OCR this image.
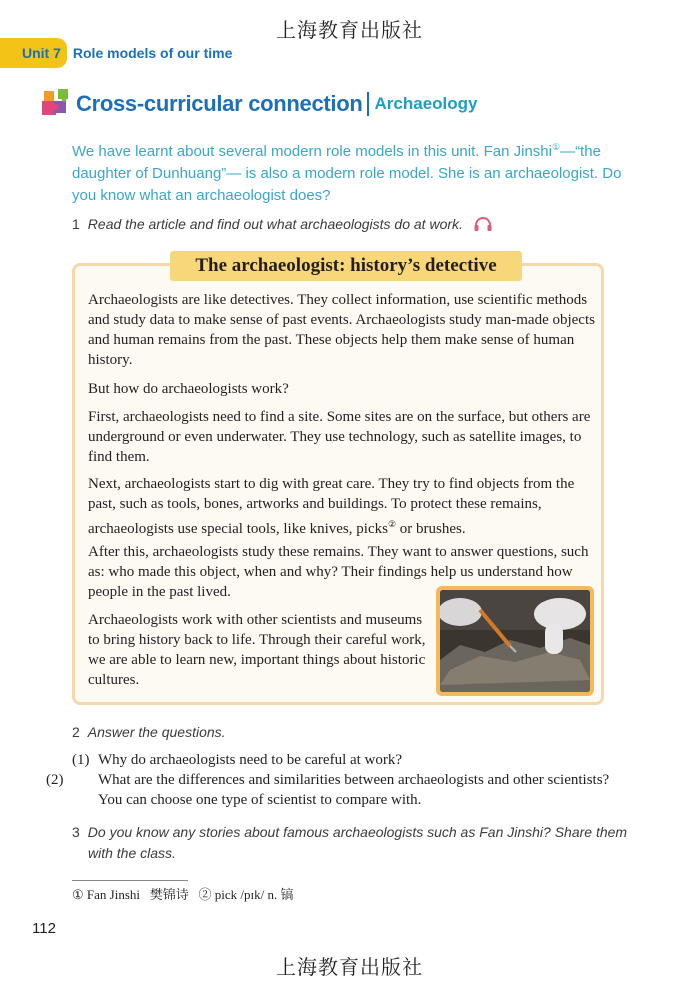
上海教育出版社
Unit 7 Role models of our time
Cross-curricular connection Archaeology
We have learnt about several modern role models in this unit. Fan Jinshi①—“the daughter of Dunhuang”— is also a modern role model. She is an archaeologist. Do you know what an archaeologist does?
1 Read the article and find out what archaeologists do at work.
The archaeologist: history’s detective

Archaeologists are like detectives. They collect information, use scientific methods and study data to make sense of past events. Archaeologists study man-made objects and human remains from the past. These objects help them make sense of human history.

But how do archaeologists work?

First, archaeologists need to find a site. Some sites are on the surface, but others are underground or even underwater. They use technology, such as satellite images, to find them.

Next, archaeologists start to dig with great care. They try to find objects from the past, such as tools, bones, artworks and buildings. To protect these remains, archaeologists use special tools, like knives, picks② or brushes.

After this, archaeologists study these remains. They want to answer questions, such as: who made this object, when and why? Their findings help us understand how people in the past lived.

Archaeologists work with other scientists and museums to bring history back to life. Through their careful work, we are able to learn new, important things about historic cultures.

2 Answer the questions.
(1) Why do archaeologists need to be careful at work?
(2) What are the differences and similarities between archaeologists and other scientists? You can choose one type of scientist to compare with.
3 Do you know any stories about famous archaeologists such as Fan Jinshi? Share them with the class.
① Fan Jinshi   樊锦诗   ② pick /pɪk/ n. 镐
112
上海教育出版社
